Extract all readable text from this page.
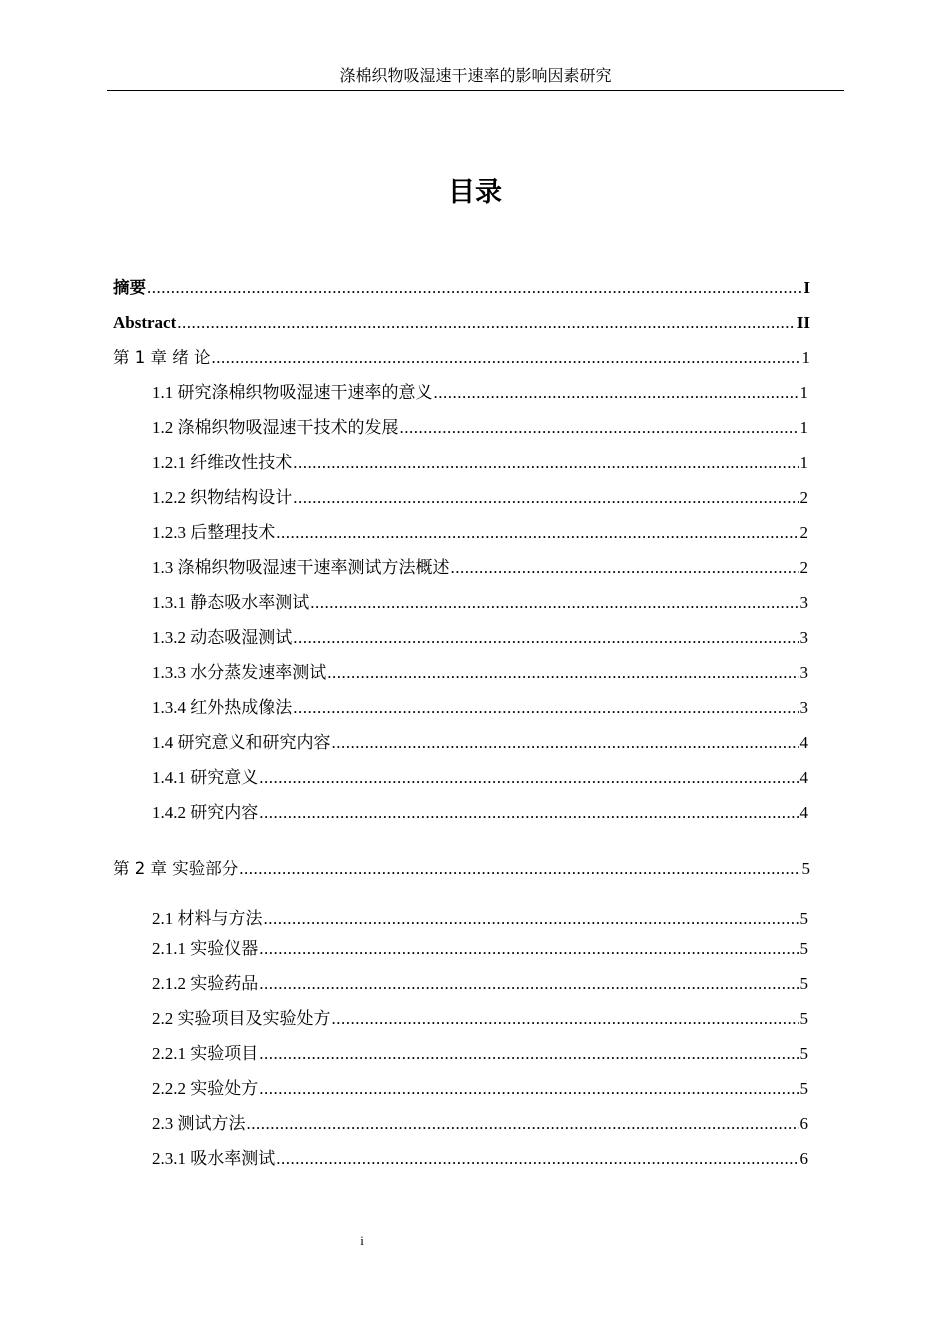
涤棉织物吸湿速干速率的影响因素研究
目录
摘要 .....	I
Abstract .....	II
第 1 章 绪 论 .....	1
1.1 研究涤棉织物吸湿速干速率的意义 .....	1
1.2 涤棉织物吸湿速干技术的发展 .....	1
1.2.1 纤维改性技术 .....	1
1.2.2 织物结构设计 .....	2
1.2.3 后整理技术 .....	2
1.3 涤棉织物吸湿速干速率测试方法概述 .....	2
1.3.1 静态吸水率测试 .....	3
1.3.2 动态吸湿测试 .....	3
1.3.3 水分蒸发速率测试 .....	3
1.3.4 红外热成像法 .....	3
1.4 研究意义和研究内容 .....	4
1.4.1 研究意义 .....	4
1.4.2 研究内容 .....	4
第 2 章 实验部分 .....	5
2.1 材料与方法 .....	5
2.1.1 实验仪器 .....	5
2.1.2 实验药品 .....	5
2.2 实验项目及实验处方 .....	5
2.2.1 实验项目 .....	5
2.2.2 实验处方 .....	5
2.3 测试方法 .....	6
2.3.1 吸水率测试 .....	6
i
